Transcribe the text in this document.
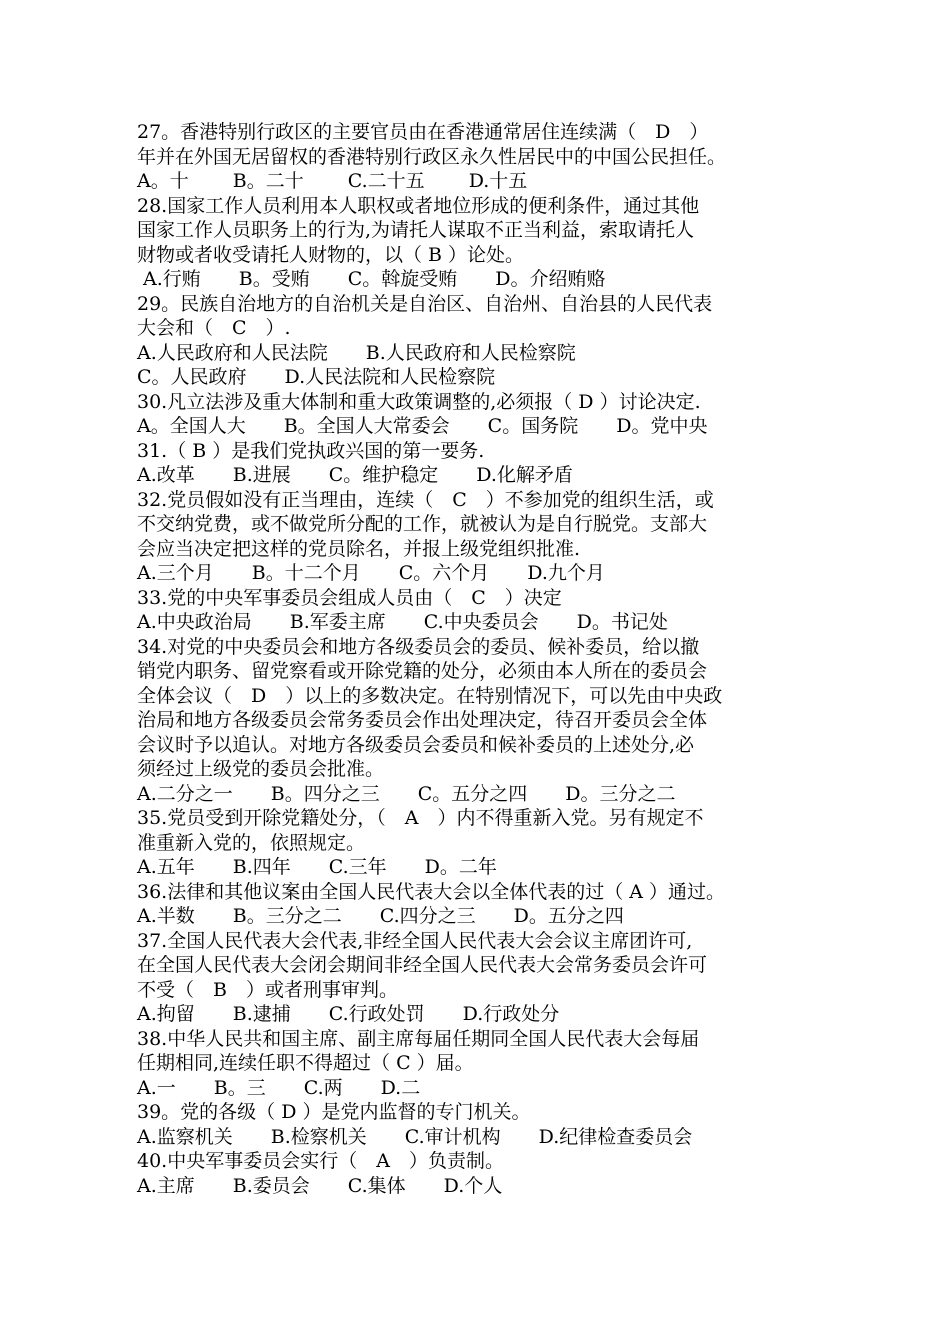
27。香港特别行政区的主要官员由在香港通常居住连续满（　D　）
年并在外国无居留权的香港特别行政区永久性居民中的中国公民担任。
A。十　　 B。二十　　 C.二十五　　 D.十五
28.国家工作人员利用本人职权或者地位形成的便利条件，通过其他
国家工作人员职务上的行为,为请托人谋取不正当利益，索取请托人
财物或者收受请托人财物的，以（ B ）论处。
A.行贿　　B。受贿　　C。斡旋受贿　　D。介绍贿赂
29。民族自治地方的自治机关是自治区、自治州、自治县的人民代表
大会和（　C　）.
A.人民政府和人民法院　　B.人民政府和人民检察院
C。人民政府　　D.人民法院和人民检察院
30.凡立法涉及重大体制和重大政策调整的,必须报（ D ）讨论决定.
A。全国人大　　B。全国人大常委会　　C。国务院　　D。党中央
31.（ B ）是我们党执政兴国的第一要务.
A.改革　　B.进展　　C。维护稳定　　D.化解矛盾
32.党员假如没有正当理由，连续（　C　）不参加党的组织生活，或
不交纳党费，或不做党所分配的工作，就被认为是自行脱党。支部大
会应当决定把这样的党员除名，并报上级党组织批准.
A.三个月　　B。十二个月　　C。六个月　　D.九个月
33.党的中央军事委员会组成人员由（　C　）决定
A.中央政治局　　B.军委主席　　C.中央委员会　　D。书记处
34.对党的中央委员会和地方各级委员会的委员、候补委员，给以撤
销党内职务、留党察看或开除党籍的处分，必须由本人所在的委员会
全体会议（　D　）以上的多数决定。在特别情况下，可以先由中央政
治局和地方各级委员会常务委员会作出处理决定，待召开委员会全体
会议时予以追认。对地方各级委员会委员和候补委员的上述处分,必
须经过上级党的委员会批准。
A.二分之一　　B。四分之三　　C。五分之四　　D。三分之二
35.党员受到开除党籍处分，（　A　）内不得重新入党。另有规定不
准重新入党的，依照规定。
A.五年　　B.四年　　C.三年　　D。二年
36.法律和其他议案由全国人民代表大会以全体代表的过（ A ）通过。
A.半数　　B。三分之二　　C.四分之三　　D。五分之四
37.全国人民代表大会代表,非经全国人民代表大会会议主席团许可,
在全国人民代表大会闭会期间非经全国人民代表大会常务委员会许可
不受（　B　）或者刑事审判。
A.拘留　　B.逮捕　　C.行政处罚　　D.行政处分
38.中华人民共和国主席、副主席每届任期同全国人民代表大会每届
任期相同,连续任职不得超过（ C ）届。
A.一　　B。三　　C.两　　D.二
39。党的各级（ D ）是党内监督的专门机关。
A.监察机关　　B.检察机关　　C.审计机构　　D.纪律检查委员会
40.中央军事委员会实行（　A　）负责制。
A.主席　　B.委员会　　C.集体　　D.个人
